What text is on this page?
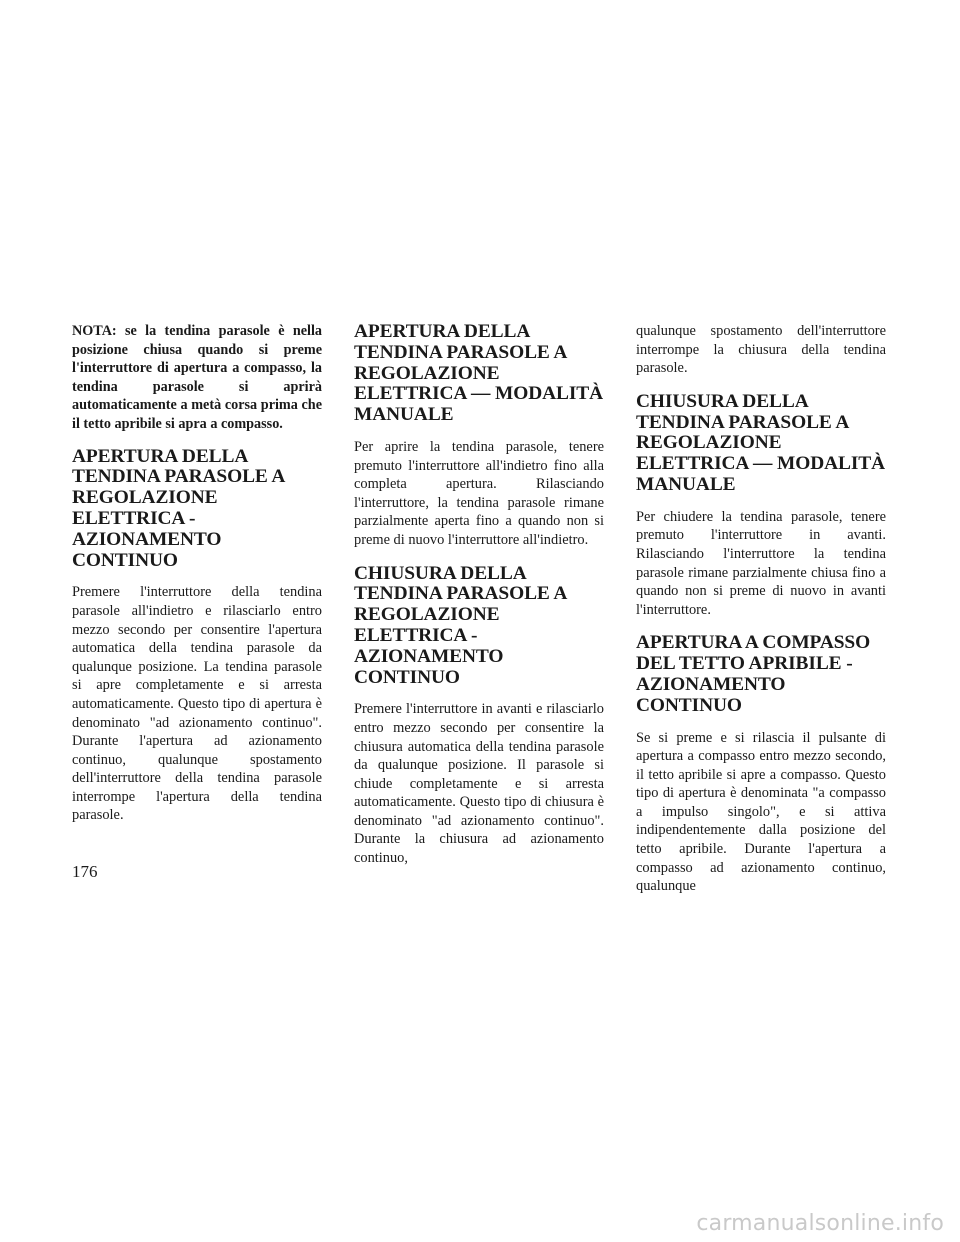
NOTA: se la tendina parasole è nella posizione chiusa quando si preme l'interruttore di apertura a compasso, la tendina parasole si aprirà automaticamente a metà corsa prima che il tetto apribile si apra a compasso.

APERTURA DELLA TENDINA PARASOLE A REGOLAZIONE ELETTRICA - AZIONAMENTO CONTINUO

Premere l'interruttore della tendina parasole all'indietro e rilasciarlo entro mezzo secondo per consentire l'apertura automatica della tendina parasole da qualunque posizione. La tendina parasole si apre completamente e si arresta automaticamente. Questo tipo di apertura è denominato "ad azionamento continuo". Durante l'apertura ad azionamento continuo, qualunque spostamento dell'interruttore della tendina parasole interrompe l'apertura della tendina parasole.

APERTURA DELLA TENDINA PARASOLE A REGOLAZIONE ELETTRICA — MODALITÀ MANUALE

Per aprire la tendina parasole, tenere premuto l'interruttore all'indietro fino alla completa apertura. Rilasciando l'interruttore, la tendina parasole rimane parzialmente aperta fino a quando non si preme di nuovo l'interruttore all'indietro.

CHIUSURA DELLA TENDINA PARASOLE A REGOLAZIONE ELETTRICA - AZIONAMENTO CONTINUO

Premere l'interruttore in avanti e rilasciarlo entro mezzo secondo per consentire la chiusura automatica della tendina parasole da qualunque posizione. Il parasole si chiude completamente e si arresta automaticamente. Questo tipo di chiusura è denominato "ad azionamento continuo". Durante la chiusura ad azionamento continuo,

qualunque spostamento dell'interruttore interrompe la chiusura della tendina parasole.

CHIUSURA DELLA TENDINA PARASOLE A REGOLAZIONE ELETTRICA — MODALITÀ MANUALE

Per chiudere la tendina parasole, tenere premuto l'interruttore in avanti. Rilasciando l'interruttore la tendina parasole rimane parzialmente chiusa fino a quando non si preme di nuovo in avanti l'interruttore.

APERTURA A COMPASSO DEL TETTO APRIBILE - AZIONAMENTO CONTINUO

Se si preme e si rilascia il pulsante di apertura a compasso entro mezzo secondo, il tetto apribile si apre a compasso. Questo tipo di apertura è denominata "a compasso a impulso singolo", e si attiva indipendentemente dalla posizione del tetto apribile. Durante l'apertura a compasso ad azionamento continuo, qualunque

176
carmanualsonline.info
